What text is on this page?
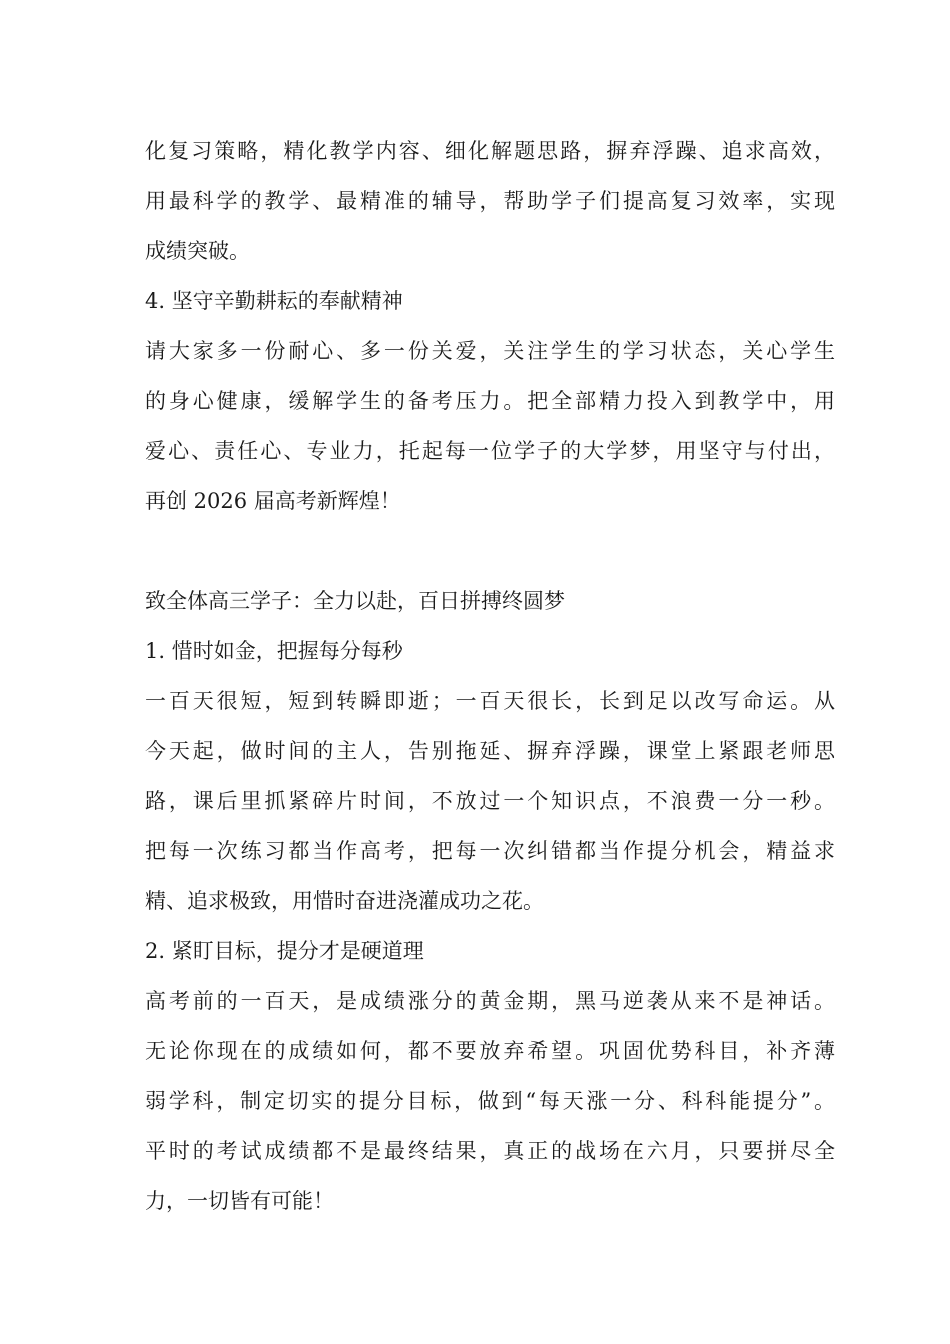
化复习策略，精化教学内容、细化解题思路，摒弃浮躁、追求高效，
用最科学的教学、最精准的辅导，帮助学子们提高复习效率，实现
成绩突破。
4. 坚守辛勤耕耘的奉献精神
请大家多一份耐心、多一份关爱，关注学生的学习状态，关心学生
的身心健康，缓解学生的备考压力。把全部精力投入到教学中，用
爱心、责任心、专业力，托起每一位学子的大学梦，用坚守与付出，
再创 2026 届高考新辉煌！
致全体高三学子：全力以赴，百日拼搏终圆梦
1. 惜时如金，把握每分每秒
一百天很短，短到转瞬即逝；一百天很长，长到足以改写命运。从
今天起，做时间的主人，告别拖延、摒弃浮躁，课堂上紧跟老师思
路，课后里抓紧碎片时间，不放过一个知识点，不浪费一分一秒。
把每一次练习都当作高考，把每一次纠错都当作提分机会，精益求
精、追求极致，用惜时奋进浇灌成功之花。
2. 紧盯目标，提分才是硬道理
高考前的一百天，是成绩涨分的黄金期，黑马逆袭从来不是神话。
无论你现在的成绩如何，都不要放弃希望。巩固优势科目，补齐薄
弱学科，制定切实的提分目标，做到“每天涨一分、科科能提分”。
平时的考试成绩都不是最终结果，真正的战场在六月，只要拼尽全
力，一切皆有可能！
